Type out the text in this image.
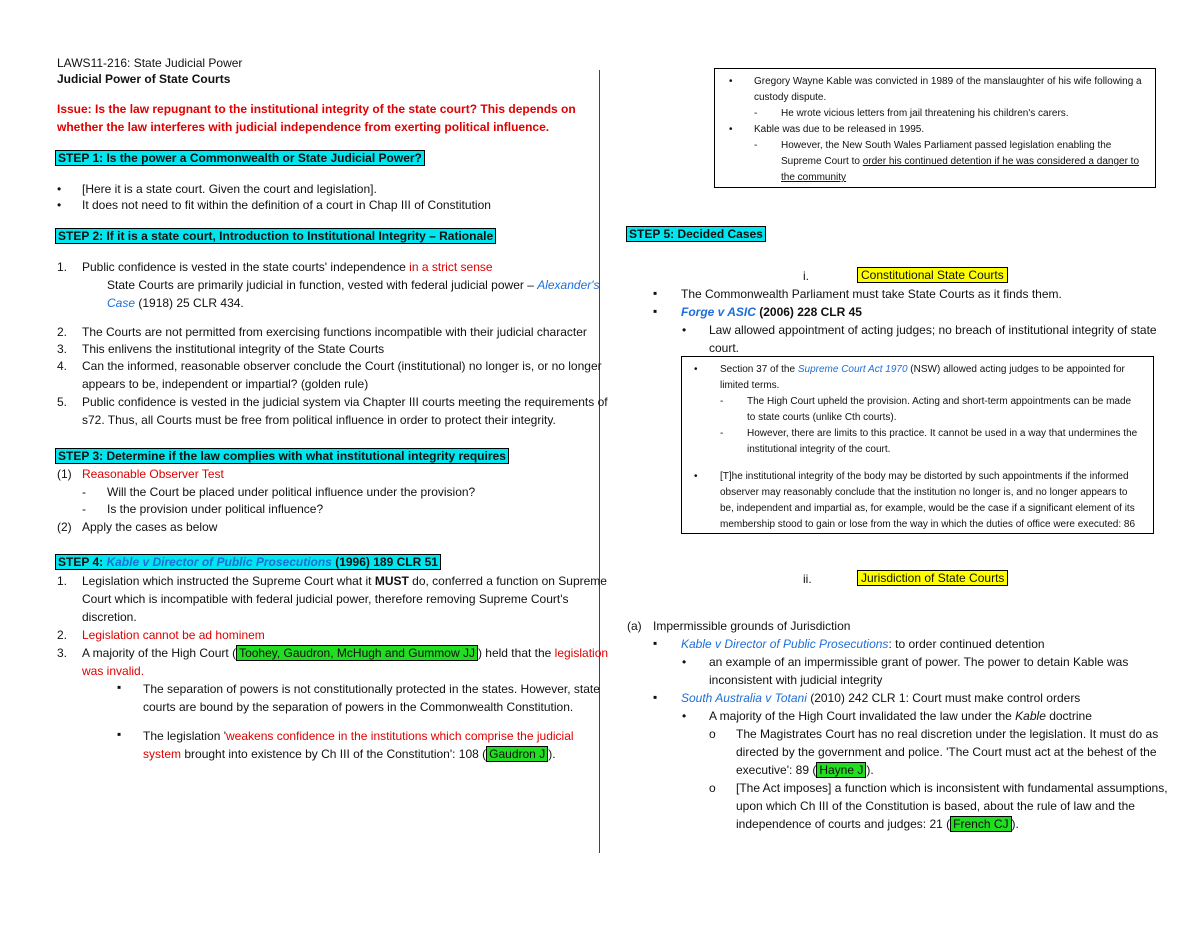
LAWS11-216: State Judicial Power
Judicial Power of State Courts
Issue: Is the law repugnant to the institutional integrity of the state court? This depends on
whether the law interferes with judicial independence from exerting political influence.
STEP 1: Is the power a Commonwealth or State Judicial Power?
• [Here it is a state court. Given the court and legislation].
• It does not need to fit within the definition of a court in Chap III of Constitution
STEP 2: If it is a state court, Introduction to Institutional Integrity – Rationale
1. Public confidence is vested in the state courts' independence in a strict sense
State Courts are primarily judicial in function, vested with federal judicial power – Alexander's
Case (1918) 25 CLR 434.
2. The Courts are not permitted from exercising functions incompatible with their judicial character
3. This enlivens the institutional integrity of the State Courts
4. Can the informed, reasonable observer conclude the Court (institutional) no longer is, or no longer
appears to be, independent or impartial? (golden rule)
5. Public confidence is vested in the judicial system via Chapter III courts meeting the requirements of
s72. Thus, all Courts must be free from political influence in order to protect their integrity.
STEP 3: Determine if the law complies with what institutional integrity requires
(1) Reasonable Observer Test
- Will the Court be placed under political influence under the provision?
- Is the provision under political influence?
(2) Apply the cases as below
STEP 4: Kable v Director of Public Prosecutions (1996) 189 CLR 51
1. Legislation which instructed the Supreme Court what it MUST do, conferred a function on Supreme
Court which is incompatible with federal judicial power, therefore removing Supreme Court's
discretion.
2. Legislation cannot be ad hominem
3. A majority of the High Court ( Toohey, Gaudron, McHugh and Gummow JJ ) held that the legislation
was invalid.
▪ The separation of powers is not constitutionally protected in the states. However, state
courts are bound by the separation of powers in the Commonwealth Constitution.
▪ The legislation 'weakens confidence in the institutions which comprise the judicial
system brought into existence by Ch III of the Constitution': 108 ( Gaudron J ).
• Gregory Wayne Kable was convicted in 1989 of the manslaughter of his wife following a
custody dispute.
- He wrote vicious letters from jail threatening his children's carers.
• Kable was due to be released in 1995.
- However, the New South Wales Parliament passed legislation enabling the
Supreme Court to order his continued detention if he was considered a danger to
the community
STEP 5: Decided Cases
i.	Constitutional State Courts
▪ The Commonwealth Parliament must take State Courts as it finds them.
▪ Forge v ASIC (2006) 228 CLR 45
• Law allowed appointment of acting judges; no breach of institutional integrity of state
court.
• Section 37 of the Supreme Court Act 1970 (NSW) allowed acting judges to be appointed for
limited terms.
- The High Court upheld the provision. Acting and short-term appointments can be made
to state courts (unlike Cth courts).
- However, there are limits to this practice. It cannot be used in a way that undermines the
institutional integrity of the court.
• [T]he institutional integrity of the body may be distorted by such appointments if the informed
observer may reasonably conclude that the institution no longer is, and no longer appears to
be, independent and impartial as, for example, would be the case if a significant element of its
membership stood to gain or lose from the way in which the duties of office were executed: 86
ii.	Jurisdiction of State Courts
(a) Impermissible grounds of Jurisdiction
▪ Kable v Director of Public Prosecutions: to order continued detention
• an example of an impermissible grant of power. The power to detain Kable was
inconsistent with judicial integrity
▪ South Australia v Totani (2010) 242 CLR 1: Court must make control orders
• A majority of the High Court invalidated the law under the Kable doctrine
o The Magistrates Court has no real discretion under the legislation. It must do as
directed by the government and police. 'The Court must act at the behest of the
executive': 89 ( Hayne J ).
o [The Act imposes] a function which is inconsistent with fundamental assumptions,
upon which Ch III of the Constitution is based, about the rule of law and the
independence of courts and judges: 21 ( French CJ ).
